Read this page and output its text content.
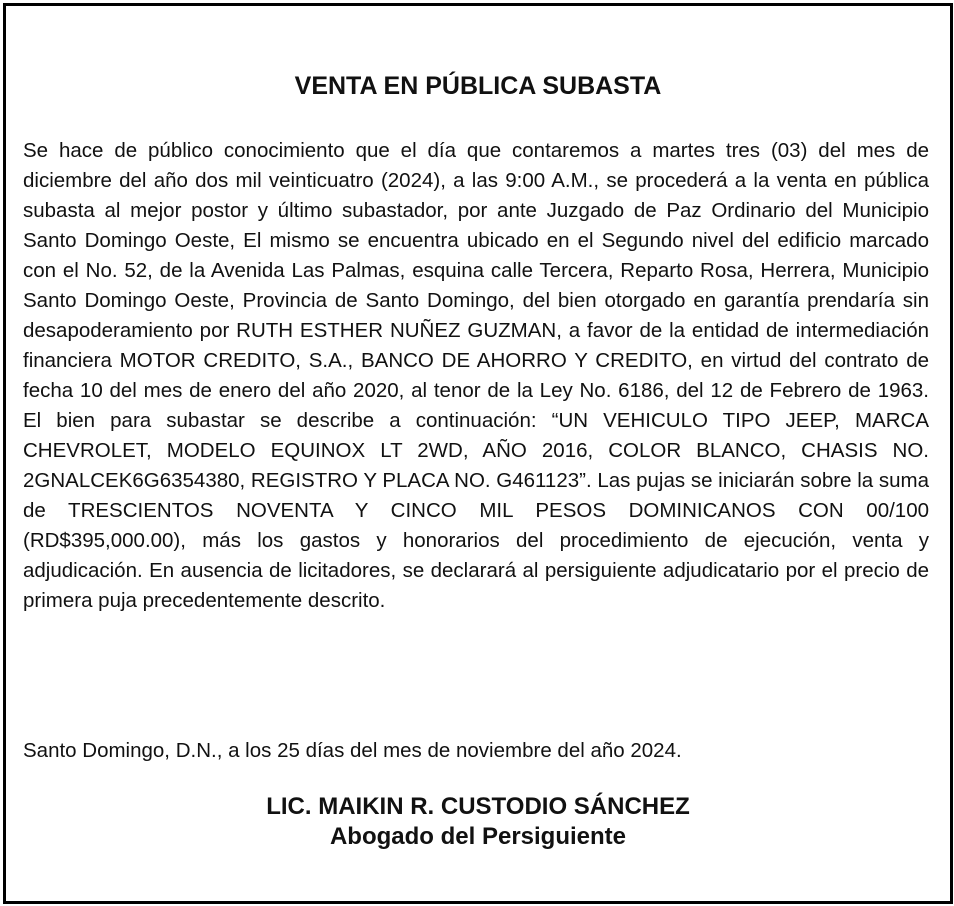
VENTA EN PÚBLICA SUBASTA

Se hace de público conocimiento que el día que contaremos a martes tres (03) del mes de diciembre del año dos mil veinticuatro (2024), a las 9:00 A.M., se procederá a la venta en pública subasta al mejor postor y último subastador, por ante Juzgado de Paz Ordinario del Municipio Santo Domingo Oeste, El mismo se encuentra ubicado en el Segundo nivel del edificio marcado con el No. 52, de la Avenida Las Palmas, esquina calle Tercera, Reparto Rosa, Herrera, Municipio Santo Domingo Oeste, Provincia de Santo Domingo, del bien otorgado en garantía prendaría sin desapoderamiento por RUTH ESTHER NUÑEZ GUZMAN, a favor de la entidad de intermediación financiera MOTOR CREDITO, S.A., BANCO DE AHORRO Y CREDITO, en virtud del contrato de fecha 10 del mes de enero del año 2020, al tenor de la Ley No. 6186, del 12 de Febrero de 1963. El bien para subastar se describe a continuación: “UN VEHICULO TIPO JEEP, MARCA CHEVROLET, MODELO EQUINOX LT 2WD, AÑO 2016, COLOR BLANCO, CHASIS NO. 2GNALCEK6G6354380, REGISTRO Y PLACA NO. G461123”. Las pujas se iniciarán sobre la suma de TRESCIENTOS NOVENTA Y CINCO MIL PESOS DOMINICANOS CON 00/100 (RD$395,000.00), más los gastos y honorarios del procedimiento de ejecución, venta y adjudicación. En ausencia de licitadores, se declarará al persiguiente adjudicatario por el precio de primera puja precedentemente descrito.

Santo Domingo, D.N., a los 25 días del mes de noviembre del año 2024.

LIC. MAIKIN R. CUSTODIO SÁNCHEZ
Abogado del Persiguiente
